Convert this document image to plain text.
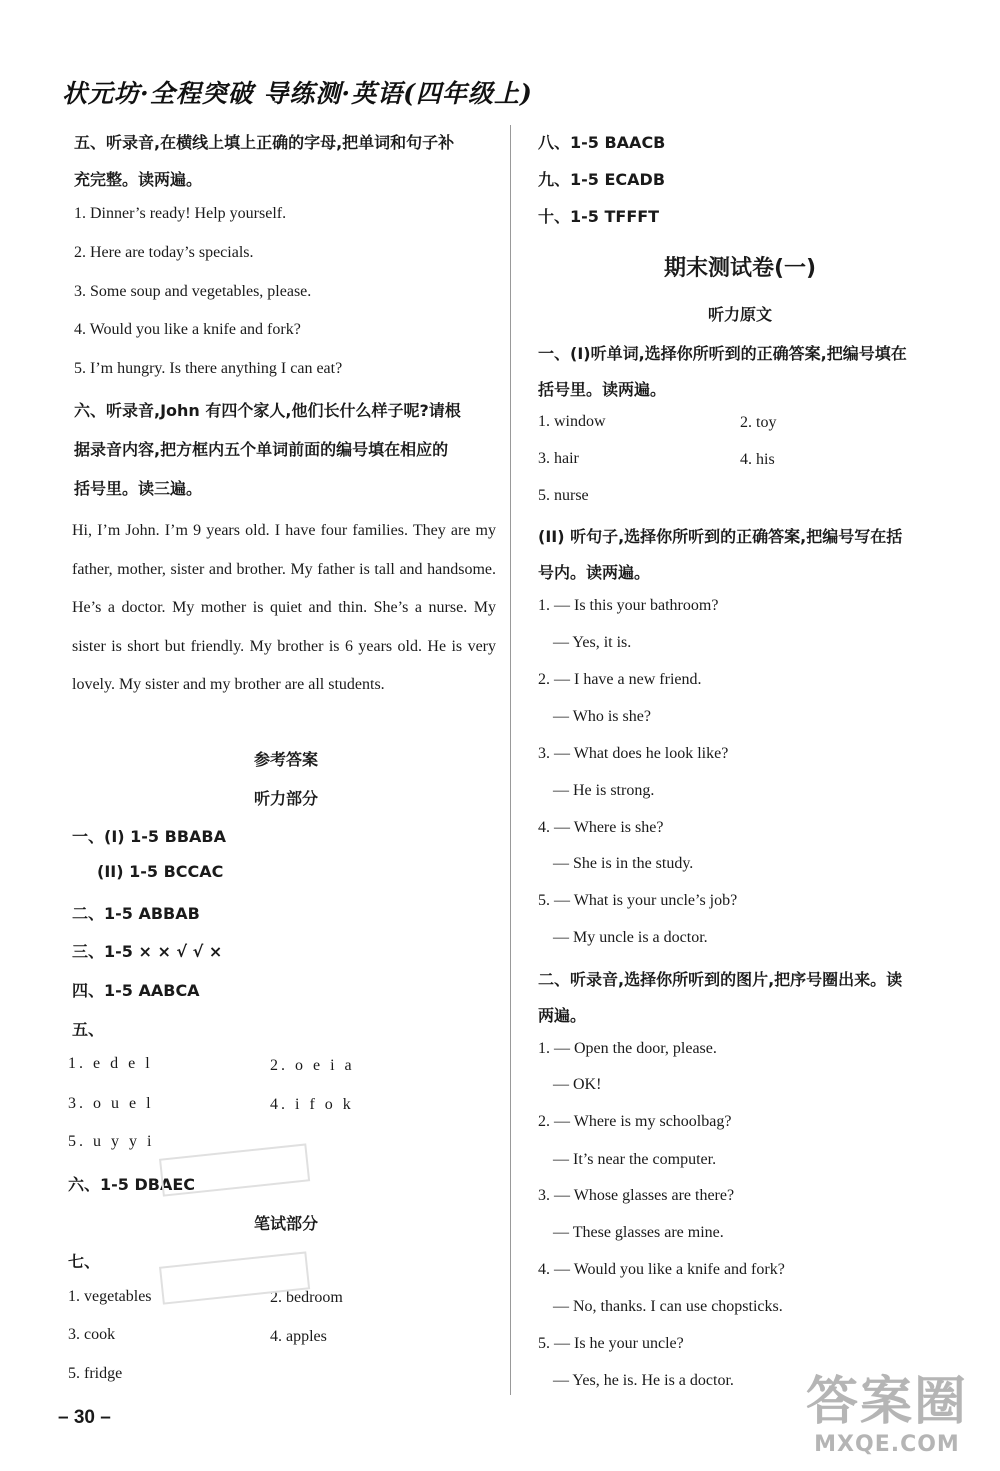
状元坊·全程突破 导练测·英语(四年级上)
五、听录音,在横线上填上正确的字母,把单词和句子补
充完整。读两遍。
1. Dinner’s ready! Help yourself.
2. Here are today’s specials.
3. Some soup and vegetables, please.
4. Would you like a knife and fork?
5. I’m hungry. Is there anything I can eat?
六、听录音,John 有四个家人,他们长什么样子呢?请根
据录音内容,把方框内五个单词前面的编号填在相应的
括号里。读三遍。
Hi, I’m John. I’m 9 years old. I have four families. They are my father, mother, sister and brother. My father is tall and handsome. He’s a doctor. My mother is quiet and thin. She’s a nurse. My sister is short but friendly. My brother is 6 years old. He is very lovely. My sister and my brother are all students.
参考答案
听力部分
一、(I) 1-5 BBABA
(II) 1-5 BCCAC
二、1-5 ABBAB
三、1-5 × × √ √ ×
四、1-5 AABCA
五、
1. e d e l	2. o e i a
3. o u e l	4. i f o k
5. u y y i
六、1-5 DBAEC
笔试部分
七、
1. vegetables	2. bedroom
3. cook	4. apples
5. fridge
– 30 –
八、1-5 BAACB
九、1-5 ECADB
十、1-5 TFFFT
期末测试卷(一)
听力原文
一、(I)听单词,选择你所听到的正确答案,把编号填在
括号里。读两遍。
1. window	2. toy
3. hair	4. his
5. nurse
(II) 听句子,选择你所听到的正确答案,把编号写在括
号内。读两遍。
1. — Is this your bathroom?
— Yes, it is.
2. — I have a new friend.
— Who is she?
3. — What does he look like?
— He is strong.
4. — Where is she?
— She is in the study.
5. — What is your uncle’s job?
— My uncle is a doctor.
二、听录音,选择你所听到的图片,把序号圈出来。读
两遍。
1. — Open the door, please.
— OK!
2. — Where is my schoolbag?
— It’s near the computer.
3. — Whose glasses are there?
— These glasses are mine.
4. — Would you like a knife and fork?
— No, thanks. I can use chopsticks.
5. — Is he your uncle?
— Yes, he is. He is a doctor. 答案圈
MXQE.COM
